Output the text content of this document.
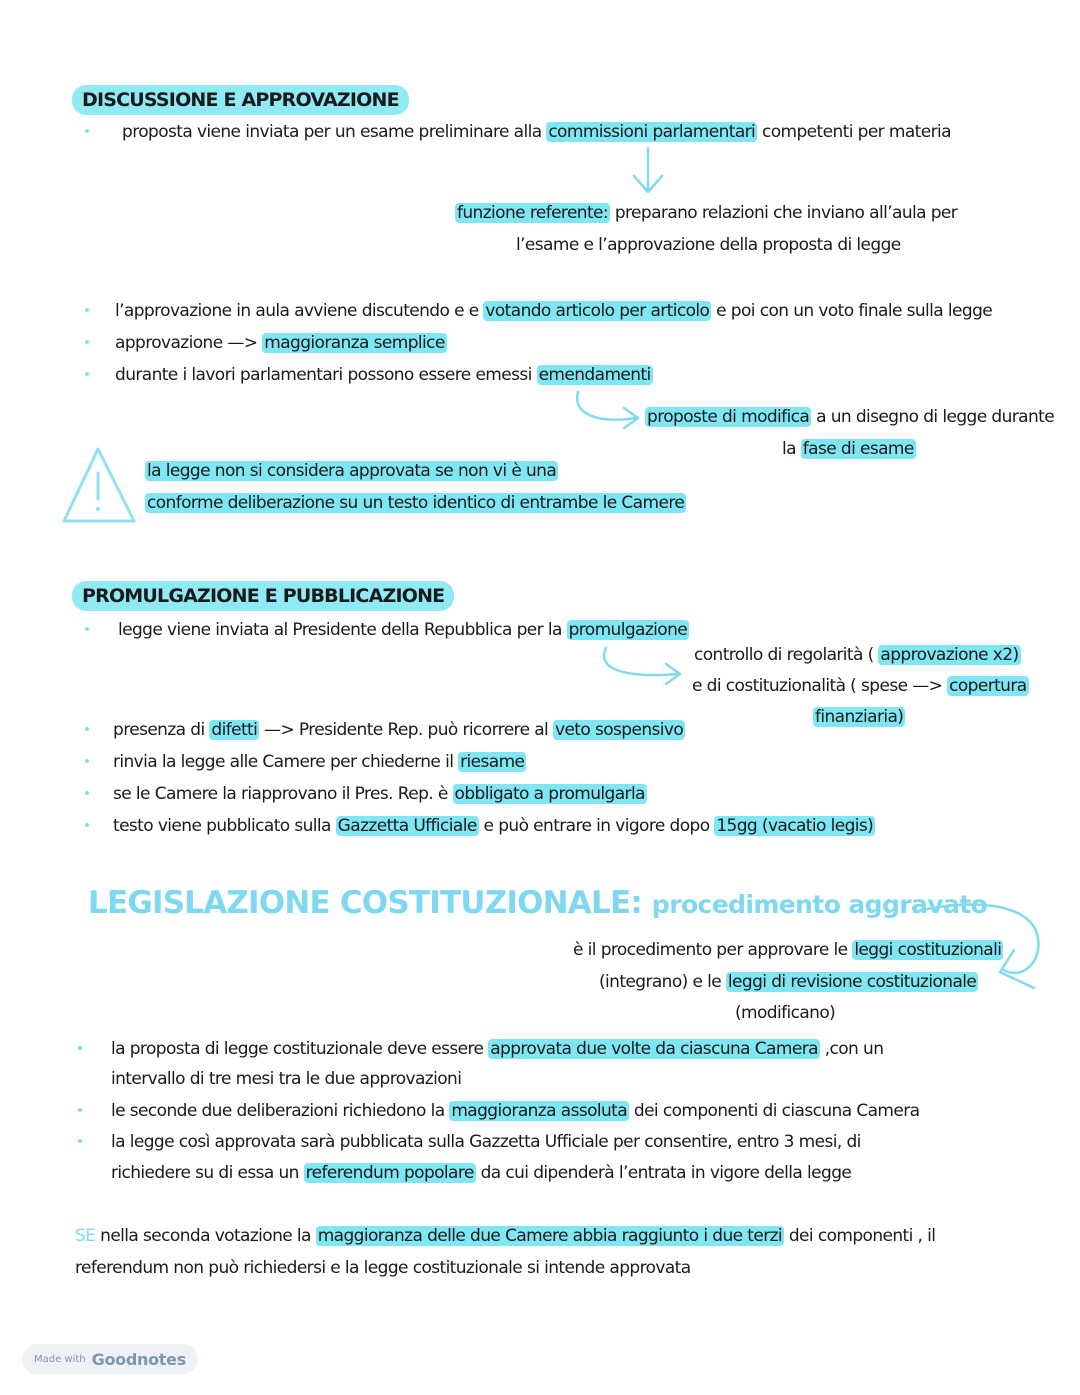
DISCUSSIONE E APPROVAZIONE
proposta viene inviata per un esame preliminare alla commissioni parlamentari competenti per materia
funzione referente: preparano relazioni che inviano all’aula per
l’esame e l’approvazione della proposta di legge
l’approvazione in aula avviene discutendo e e votando articolo per articolo e poi con un voto finale sulla legge
approvazione —> maggioranza semplice
durante i lavori parlamentari possono essere emessi emendamenti
proposte di modifica a un disegno di legge durante
la fase di esame
la legge non si considera approvata se non vi è una
conforme deliberazione su un testo identico di entrambe le Camere
PROMULGAZIONE E PUBBLICAZIONE
legge viene inviata al Presidente della Repubblica per la promulgazione
controllo di regolarità ( approvazione x2)
e di costituzionalità ( spese —> copertura
finanziaria)
presenza di difetti —> Presidente Rep. può ricorrere al veto sospensivo
rinvia la legge alle Camere per chiederne il riesame
se le Camere la riapprovano il Pres. Rep. è obbligato a promulgarla
testo viene pubblicato sulla Gazzetta Ufficiale e può entrare in vigore dopo 15gg (vacatio legis)
LEGISLAZIONE COSTITUZIONALE: procedimento aggravato
è il procedimento per approvare le leggi costituzionali
(integrano) e le leggi di revisione costituzionale
(modificano)
la proposta di legge costituzionale deve essere approvata due volte da ciascuna Camera ,con un
intervallo di tre mesi tra le due approvazioni
le seconde due deliberazioni richiedono la maggioranza assoluta dei componenti di ciascuna Camera
la legge così approvata sarà pubblicata sulla Gazzetta Ufficiale per consentire, entro 3 mesi, di
richiedere su di essa un referendum popolare da cui dipenderà l’entrata in vigore della legge
SE nella seconda votazione la maggioranza delle due Camere abbia raggiunto i due terzi dei componenti , il
referendum non può richiedersi e la legge costituzionale si intende approvata
Made with Goodnotes
